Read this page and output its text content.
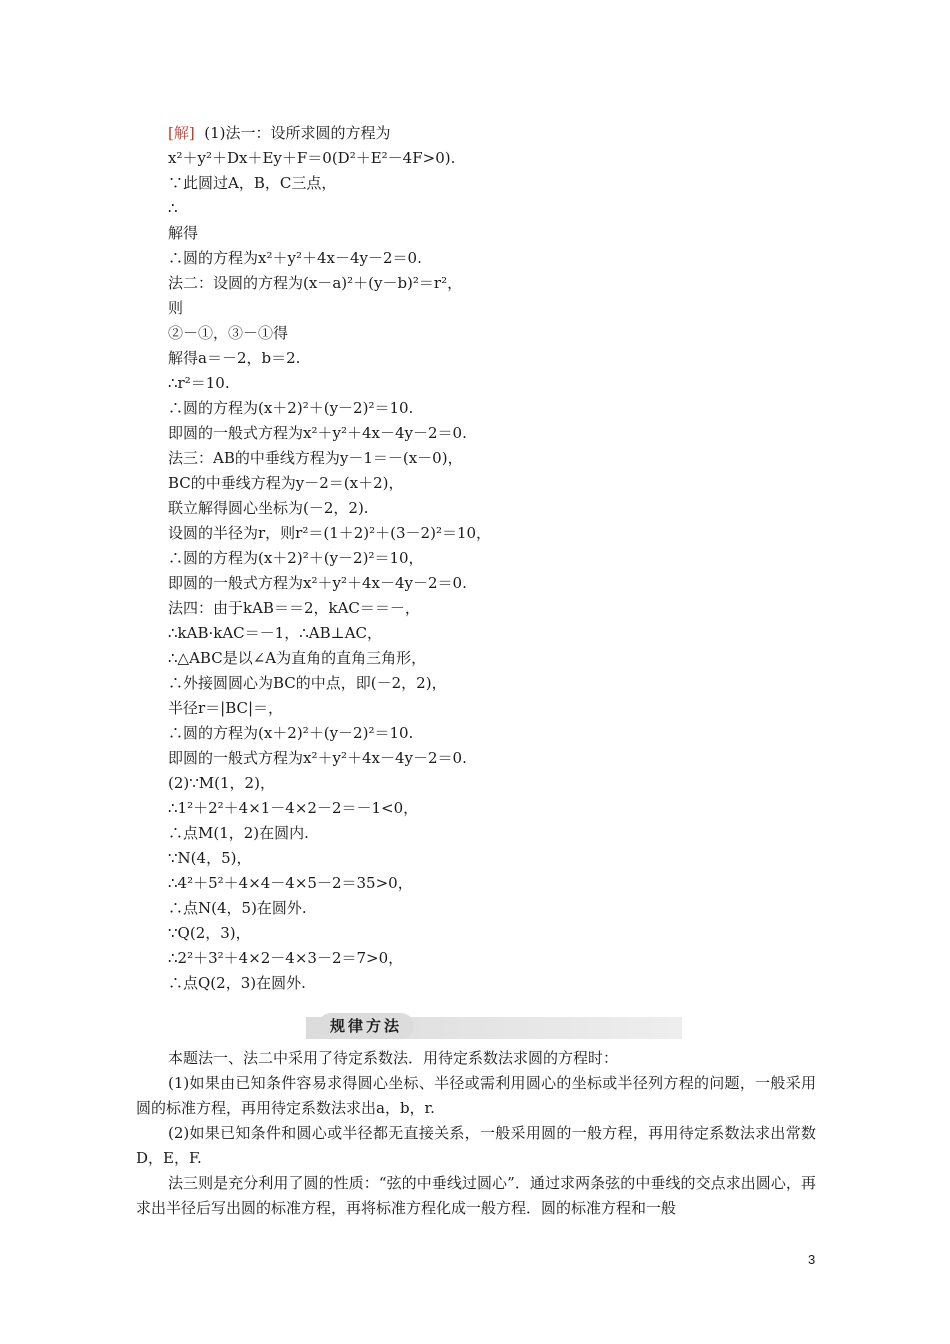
[解] (1)法一：设所求圆的方程为
x²＋y²＋Dx＋Ey＋F＝0(D²＋E²－4F>0).
∵此圆过A，B，C三点，
∴
解得
∴圆的方程为x²＋y²＋4x－4y－2＝0.
法二：设圆的方程为(x－a)²＋(y－b)²＝r²，
则
②－①，③－①得
解得a＝－2，b＝2.
∴r²＝10.
∴圆的方程为(x＋2)²＋(y－2)²＝10.
即圆的一般式方程为x²＋y²＋4x－4y－2＝0.
法三：AB的中垂线方程为y－1＝－(x－0)，
BC的中垂线方程为y－2＝(x＋2)，
联立解得圆心坐标为(－2，2).
设圆的半径为r，则r²＝(1＋2)²＋(3－2)²＝10，
∴圆的方程为(x＋2)²＋(y－2)²＝10，
即圆的一般式方程为x²＋y²＋4x－4y－2＝0.
法四：由于kAB＝＝2，kAC＝＝－，
∴kAB·kAC＝－1，∴AB⊥AC，
∴△ABC是以∠A为直角的直角三角形，
∴外接圆圆心为BC的中点，即(－2，2)，
半径r＝|BC|＝，
∴圆的方程为(x＋2)²＋(y－2)²＝10.
即圆的一般式方程为x²＋y²＋4x－4y－2＝0.
(2)∵M(1，2)，
∴1²＋2²＋4×1－4×2－2＝－1<0，
∴点M(1，2)在圆内.
∵N(4，5)，
∴4²＋5²＋4×4－4×5－2＝35>0，
∴点N(4，5)在圆外.
∵Q(2，3)，
∴2²＋3²＋4×2－4×3－2＝7>0，
∴点Q(2，3)在圆外.
规律方法
本题法一、法二中采用了待定系数法．用待定系数法求圆的方程时：
(1)如果由已知条件容易求得圆心坐标、半径或需利用圆心的坐标或半径列方程的问题，一般采用圆的标准方程，再用待定系数法求出a，b，r.
(2)如果已知条件和圆心或半径都无直接关系，一般采用圆的一般方程，再用待定系数法求出常数D，E，F.
法三则是充分利用了圆的性质：“弦的中垂线过圆心”．通过求两条弦的中垂线的交点求出圆心，再求出半径后写出圆的标准方程，再将标准方程化成一般方程．圆的标准方程和一般
3
